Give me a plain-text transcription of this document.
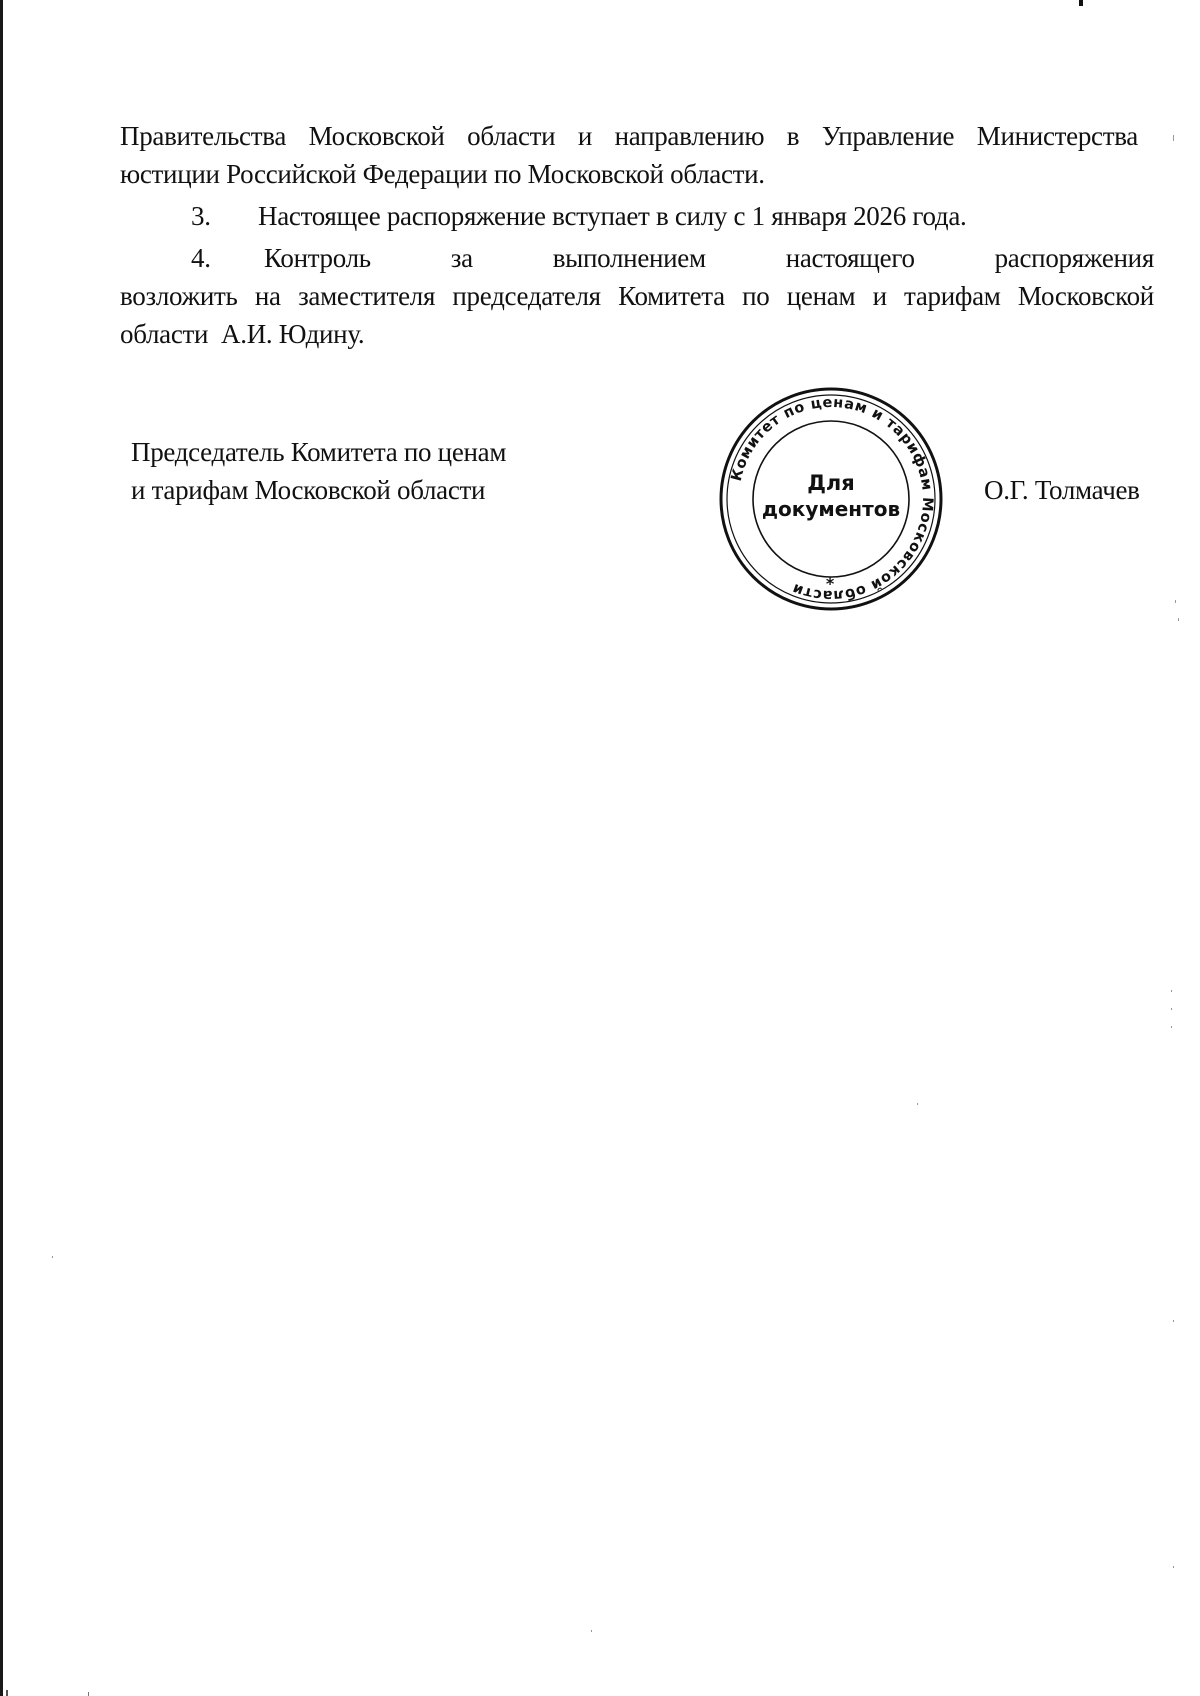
Правительства Московской области и направлению в Управление Министерства
юстиции Российской Федерации по Московской области.
3. Настоящее распоряжение вступает в силу с 1 января 2026 года.
4. Контроль	за	выполнением	настоящего	распоряжения
возложить на заместителя председателя Комитета по ценам и тарифам Московской
области  А.И. Юдину.
Председатель Комитета по ценам
и тарифам Московской области	О.Г. Толмачев
Комитет по ценам и тарифам Московской области
Для
документов
*
